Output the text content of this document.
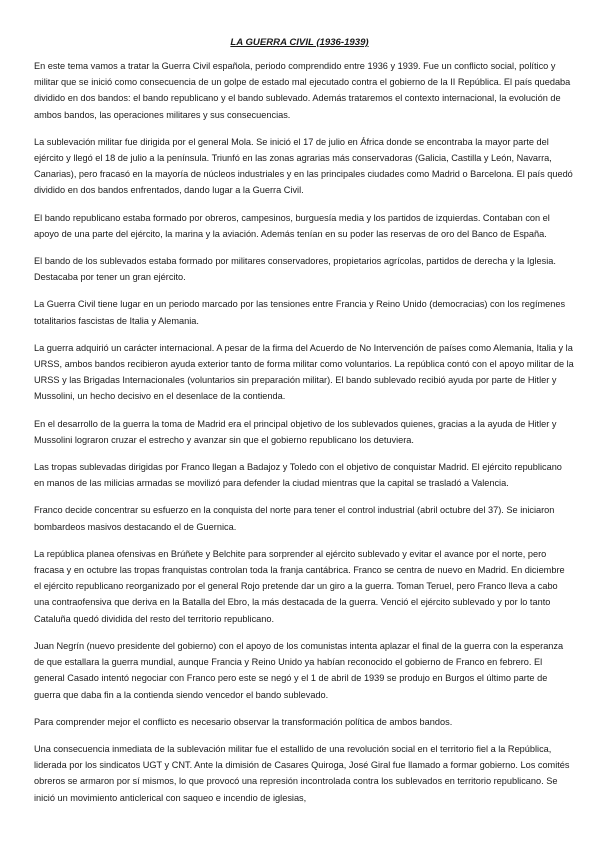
LA GUERRA CIVIL (1936-1939)

En este tema vamos a tratar la Guerra Civil española, periodo comprendido entre 1936 y 1939. Fue un conflicto social, político y militar que se inició como consecuencia de un golpe de estado mal ejecutado contra el gobierno de la II República. El país quedaba dividido en dos bandos: el bando republicano y el bando sublevado. Además trataremos el contexto internacional, la evolución de ambos bandos, las operaciones militares y sus consecuencias.

La sublevación militar fue dirigida por el general Mola. Se inició el 17 de julio en África donde se encontraba la mayor parte del ejército y llegó el 18 de julio a la península. Triunfó en las zonas agrarias más conservadoras (Galicia, Castilla y León, Navarra, Canarias), pero fracasó en la mayoría de núcleos industriales y en las principales ciudades como Madrid o Barcelona. El país quedó dividido en dos bandos enfrentados, dando lugar a la Guerra Civil.

El bando republicano estaba formado por obreros, campesinos, burguesía media y los partidos de izquierdas. Contaban con el apoyo de una parte del ejército, la marina y la aviación. Además tenían en su poder las reservas de oro del Banco de España.

El bando de los sublevados estaba formado por militares conservadores, propietarios agrícolas, partidos de derecha y la Iglesia. Destacaba por tener un gran ejército.

La Guerra Civil tiene lugar en un periodo marcado por las tensiones entre Francia y Reino Unido (democracias) con los regímenes totalitarios fascistas de Italia y Alemania.

La guerra adquirió un carácter internacional. A pesar de la firma del Acuerdo de No Intervención de países como Alemania, Italia y la URSS, ambos bandos recibieron ayuda exterior tanto de forma militar como voluntarios. La república contó con el apoyo militar de la URSS y las Brigadas Internacionales (voluntarios sin preparación militar). El bando sublevado recibió ayuda por parte de Hitler y Mussolini, un hecho decisivo en el desenlace de la contienda.

En el desarrollo de la guerra la toma de Madrid era el principal objetivo de los sublevados quienes, gracias a la ayuda de Hitler y Mussolini lograron cruzar el estrecho y avanzar sin que el gobierno republicano los detuviera.

Las tropas sublevadas dirigidas por Franco llegan a Badajoz y Toledo con el objetivo de conquistar Madrid. El ejército republicano en manos de las milicias armadas se movilizó para defender la ciudad mientras que la capital se trasladó a Valencia.

Franco decide concentrar su esfuerzo en la conquista del norte para tener el control industrial (abril octubre del 37). Se iniciaron bombardeos masivos destacando el de Guernica.

La república planea ofensivas en Brúñete y Belchite para sorprender al ejército sublevado y evitar el avance por el norte, pero fracasa y en octubre las tropas franquistas controlan toda la franja cantábrica. Franco se centra de nuevo en Madrid. En diciembre el ejército republicano reorganizado por el general Rojo pretende dar un giro a la guerra. Toman Teruel, pero Franco lleva a cabo una contraofensiva que deriva en la Batalla del Ebro, la más destacada de la guerra. Venció el ejército sublevado y por lo tanto Cataluña quedó dividida del resto del territorio republicano.

Juan Negrín (nuevo presidente del gobierno) con el apoyo de los comunistas intenta aplazar el final de la guerra con la esperanza de que estallara la guerra mundial, aunque Francia y Reino Unido ya habían reconocido el gobierno de Franco en febrero. El general Casado intentó negociar con Franco pero este se negó y el 1 de abril de 1939 se produjo en Burgos el último parte de guerra que daba fin a la contienda siendo vencedor el bando sublevado.

Para comprender mejor el conflicto es necesario observar la transformación política de ambos bandos.

Una consecuencia inmediata de la sublevación militar fue el estallido de una revolución social en el territorio fiel a la República, liderada por los sindicatos UGT y CNT. Ante la dimisión de Casares Quiroga, José Giral fue llamado a formar gobierno. Los comités obreros se armaron por sí mismos, lo que provocó una represión incontrolada contra los sublevados en territorio republicano. Se inició un movimiento anticlerical con saqueo e incendio de iglesias,
